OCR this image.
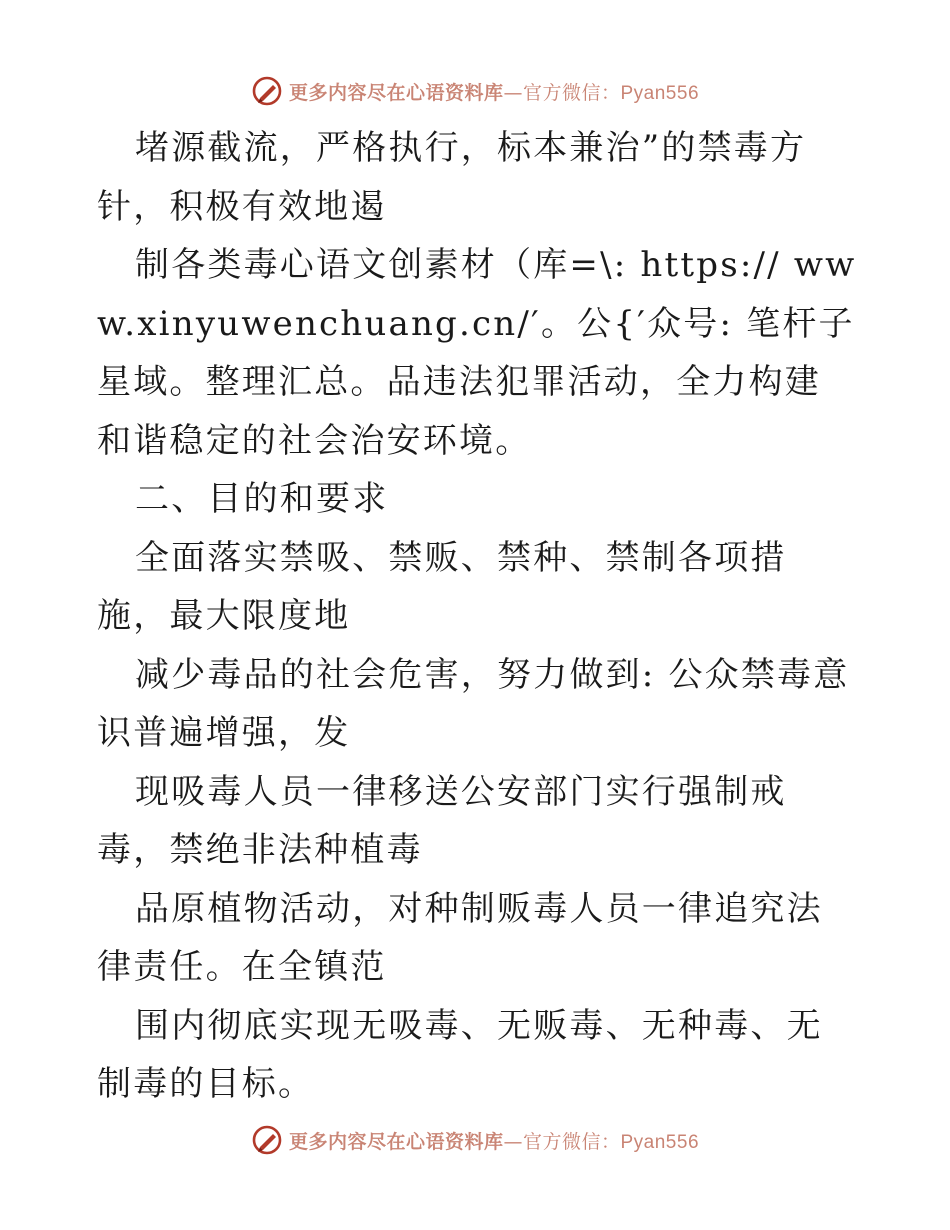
更多内容尽在心语资料库—官方微信：Pyan556

堵源截流，严格执行，标本兼治”的禁毒方针，积极有效地遏

制各类毒心语文创素材（库=\: https:// www.xinyuwenchuang.cn/′。公{′众号: 笔杆子星域。整理汇总。品违法犯罪活动，全力构建和谐稳定的社会治安环境。

二、目的和要求

全面落实禁吸、禁贩、禁种、禁制各项措施，最大限度地

减少毒品的社会危害，努力做到: 公众禁毒意识普遍增强，发

现吸毒人员一律移送公安部门实行强制戒毒，禁绝非法种植毒

品原植物活动，对种制贩毒人员一律追究法律责任。在全镇范

围内彻底实现无吸毒、无贩毒、无种毒、无制毒的目标。

更多内容尽在心语资料库—官方微信：Pyan556
